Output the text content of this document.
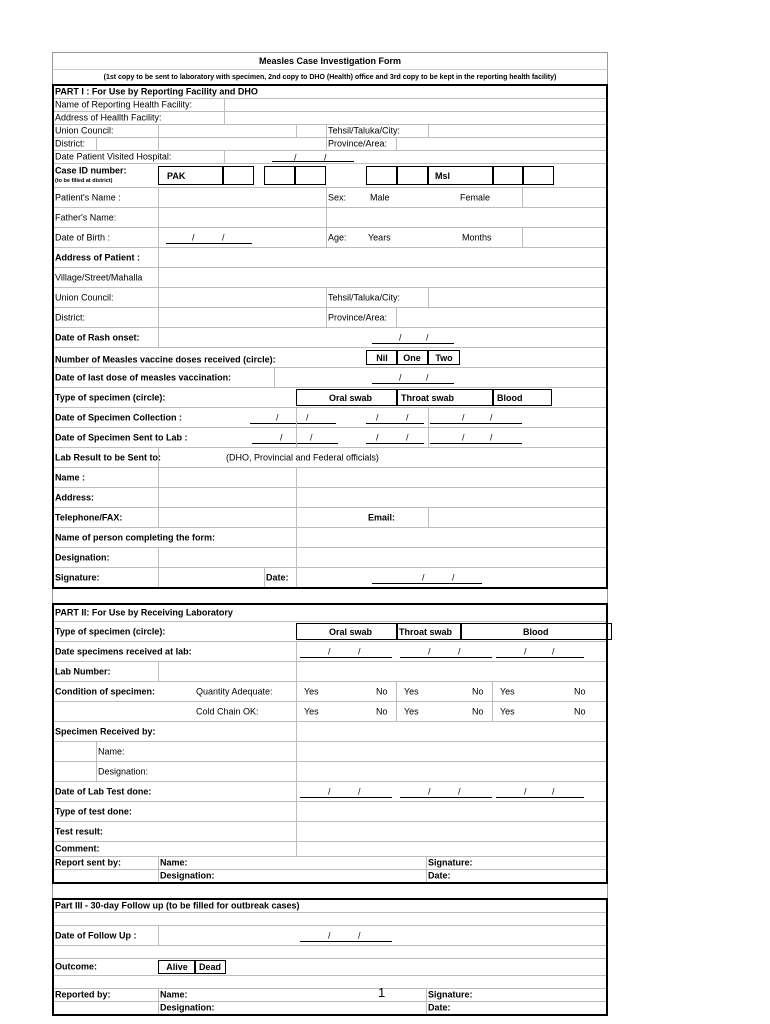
Measles Case Investigation Form
(1st copy to be sent to laboratory with specimen, 2nd copy to DHO (Health) office and 3rd copy to be kept in the reporting health facility)
PART I : For Use by Reporting Facility and DHO
Name of Reporting Health Facility:
Address of Heallth Facility:
Union Council:	Tehsil/Taluka/City:
District:	Province/Area:
Date Patient Visited Hospital:	/	/
Case ID number:
(to be filled at district)
PAK	Msl
Patient's Name :	Sex:	Male	Female
Father's Name:
Date of Birth :	/	/	Age: Years	Months
Address of Patient :
Village/Street/Mahalla
Union Council:	Tehsil/Taluka/City:
District:	Province/Area:
Date of Rash onset:	/	/
Number of Measles vaccine doses received (circle):	Nil	One	Two
Date of last dose of measles vaccination:	/	/
Type of specimen (circle):	Oral swab	Throat swab	Blood
Date of Specimen Collection :	/	/	/	/	/	/
Date of Specimen Sent to Lab :	/	/	/	/	/	/
Lab Result to be Sent to:	(DHO, Provincial and Federal officials)
Name :
Address:
Telephone/FAX:	Email:
Name of person completing the form:
Designation:
Signature:	Date:	/	/
PART II: For Use by Receiving Laboratory
Type of specimen (circle):	Oral swab	Throat swab	Blood
Date specimens received at lab:	/	/	/	/	/	/
Lab Number:
Condition of specimen:	Quantity Adequate:	Yes	No Yes	No Yes	No
Cold Chain OK:	Yes	No Yes	No Yes	No
Specimen Received by:
Name:
Designation:
Date of Lab Test done:	/	/	/	/	/	/
Type of test done:
Test result:
Comment:
Report sent by:	Name:	Signature:
Designation:	Date:
Part III - 30-day Follow up (to be filled for outbreak cases)
Date of Follow Up :	/	/
Outcome:	Alive	Dead
Reported by:	Name:	Signature:
Designation:	Date:
1
